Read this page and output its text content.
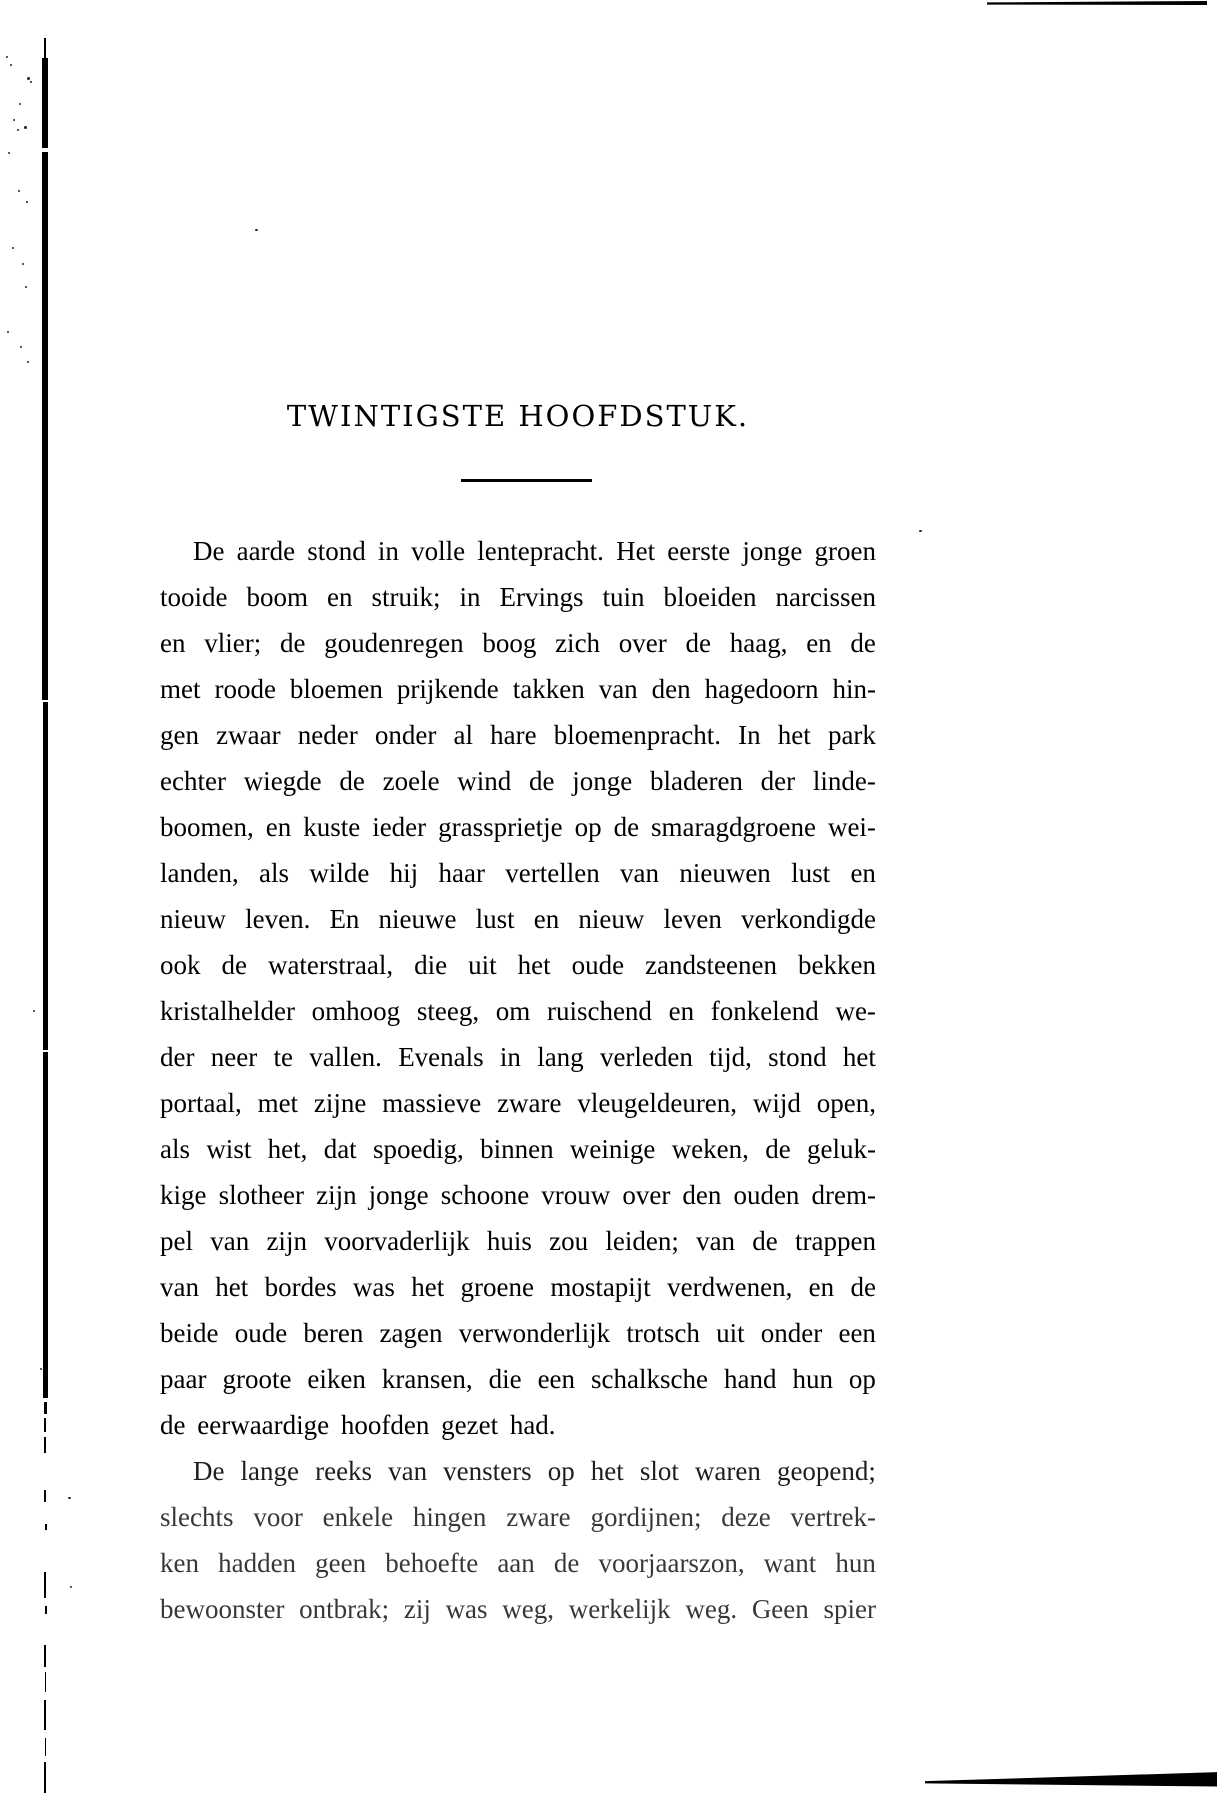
TWINTIGSTE HOOFDSTUK.
De aarde stond in volle lentepracht. Het eerste jonge groen
tooide boom en struik; in Ervings tuin bloeiden narcissen
en vlier; de goudenregen boog zich over de haag, en de
met roode bloemen prijkende takken van den hagedoorn hin-
gen zwaar neder onder al hare bloemenpracht. In het park
echter wiegde de zoele wind de jonge bladeren der linde-
boomen, en kuste ieder grassprietje op de smaragdgroene wei-
landen, als wilde hij haar vertellen van nieuwen lust en
nieuw leven. En nieuwe lust en nieuw leven verkondigde
ook de waterstraal, die uit het oude zandsteenen bekken
kristalhelder omhoog steeg, om ruischend en fonkelend we-
der neer te vallen. Evenals in lang verleden tijd, stond het
portaal, met zijne massieve zware vleugeldeuren, wijd open,
als wist het, dat spoedig, binnen weinige weken, de geluk-
kige slotheer zijn jonge schoone vrouw over den ouden drem-
pel van zijn voorvaderlijk huis zou leiden; van de trappen
van het bordes was het groene mostapijt verdwenen, en de
beide oude beren zagen verwonderlijk trotsch uit onder een
paar groote eiken kransen, die een schalksche hand hun op
de eerwaardige hoofden gezet had.
De lange reeks van vensters op het slot waren geopend;
slechts voor enkele hingen zware gordijnen; deze vertrek-
ken hadden geen behoefte aan de voorjaarszon, want hun
bewoonster ontbrak; zij was weg, werkelijk weg. Geen spier
